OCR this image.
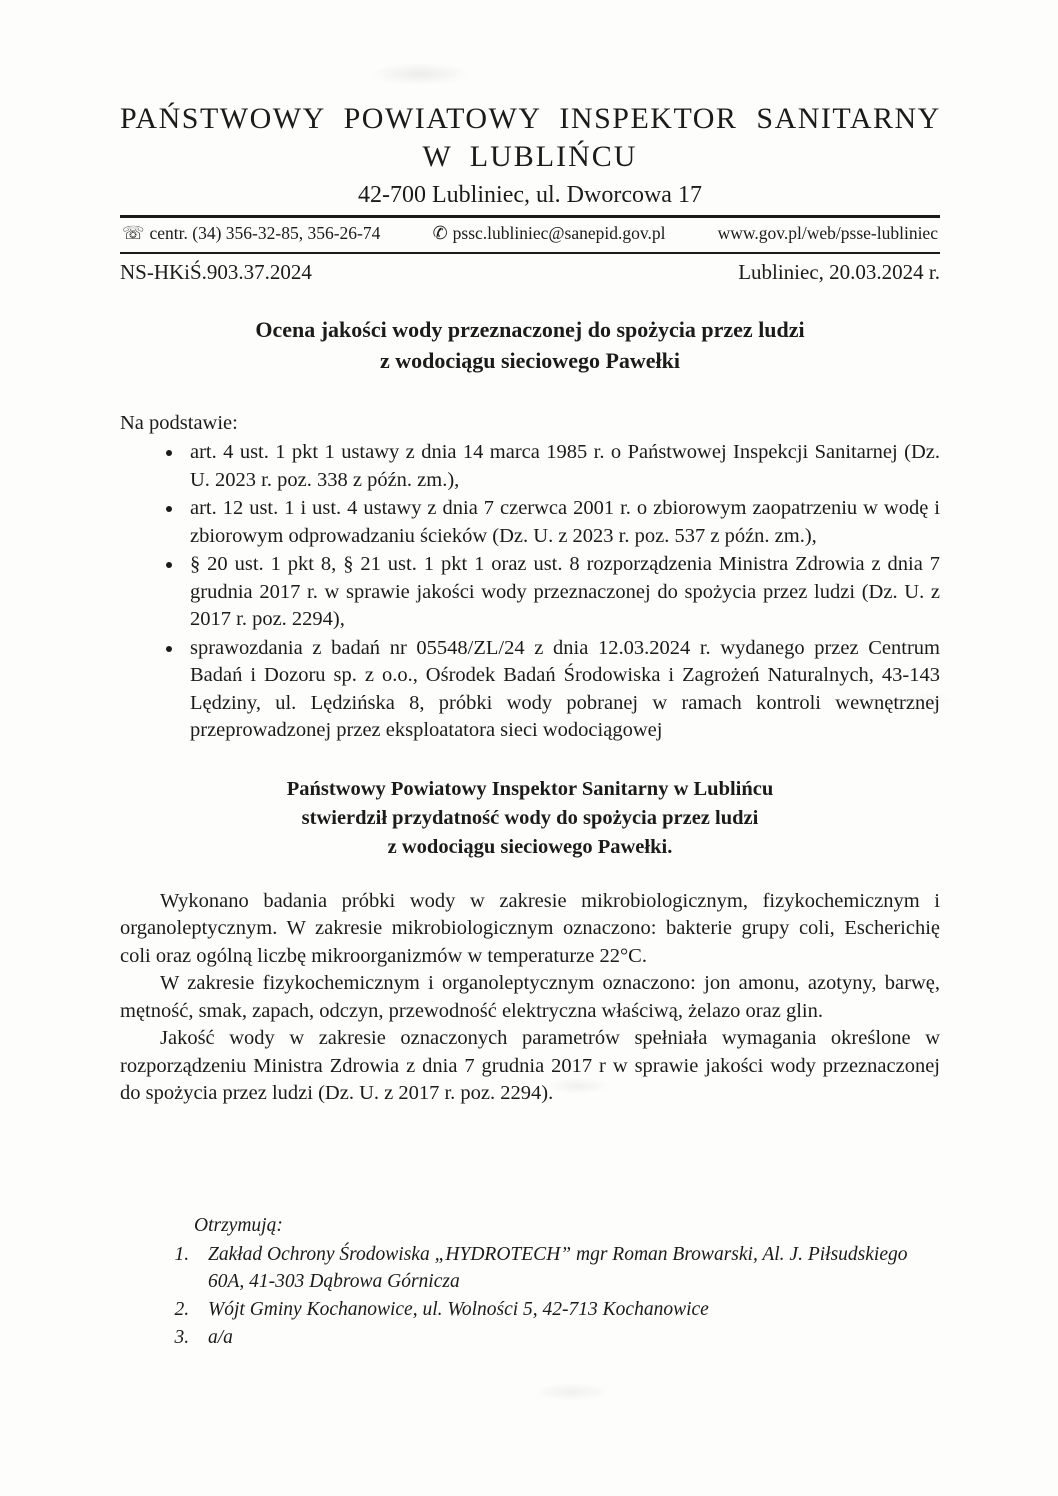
PAŃSTWOWY POWIATOWY INSPEKTOR SANITARNY
W LUBLIŃCU
42-700 Lubliniec, ul. Dworcowa 17
☏ centr. (34) 356-32-85, 356-26-74	✆ pssc.lubliniec@sanepid.gov.pl	www.gov.pl/web/psse-lubliniec
NS-HKiŚ.903.37.2024	Lubliniec, 20.03.2024 r.
Ocena jakości wody przeznaczonej do spożycia przez ludzi
z wodociągu sieciowego Pawełki

Na podstawie:

• art. 4 ust. 1 pkt 1 ustawy z dnia 14 marca 1985 r. o Państwowej Inspekcji Sanitarnej (Dz. U. 2023 r. poz. 338 z późn. zm.),
• art. 12 ust. 1 i ust. 4 ustawy z dnia 7 czerwca 2001 r. o zbiorowym zaopatrzeniu w wodę i zbiorowym odprowadzaniu ścieków (Dz. U. z 2023 r. poz. 537 z późn. zm.),
• § 20 ust. 1 pkt 8, § 21 ust. 1 pkt 1 oraz ust. 8 rozporządzenia Ministra Zdrowia z dnia 7 grudnia 2017 r. w sprawie jakości wody przeznaczonej do spożycia przez ludzi (Dz. U. z 2017 r. poz. 2294),
• sprawozdania z badań nr 05548/ZL/24 z dnia 12.03.2024 r. wydanego przez Centrum Badań i Dozoru sp. z o.o., Ośrodek Badań Środowiska i Zagrożeń Naturalnych, 43-143 Lędziny, ul. Lędzińska 8, próbki wody pobranej w ramach kontroli wewnętrznej przeprowadzonej przez eksploatatora sieci wodociągowej
Państwowy Powiatowy Inspektor Sanitarny w Lublińcu
stwierdził przydatność wody do spożycia przez ludzi
z wodociągu sieciowego Pawełki.

Wykonano badania próbki wody w zakresie mikrobiologicznym, fizykochemicznym i organoleptycznym. W zakresie mikrobiologicznym oznaczono: bakterie grupy coli, Escherichię coli oraz ogólną liczbę mikroorganizmów w temperaturze 22°C.

W zakresie fizykochemicznym i organoleptycznym oznaczono: jon amonu, azotyny, barwę, mętność, smak, zapach, odczyn, przewodność elektryczna właściwą, żelazo oraz glin.

Jakość wody w zakresie oznaczonych parametrów spełniała wymagania określone w rozporządzeniu Ministra Zdrowia z dnia 7 grudnia 2017 r w sprawie jakości wody przeznaczonej do spożycia przez ludzi (Dz. U. z 2017 r. poz. 2294).

Otrzymują:
1. Zakład Ochrony Środowiska „HYDROTECH” mgr Roman Browarski, Al. J. Piłsudskiego 60A, 41-303 Dąbrowa Górnicza
2. Wójt Gminy Kochanowice, ul. Wolności 5, 42-713 Kochanowice
3. a/a
